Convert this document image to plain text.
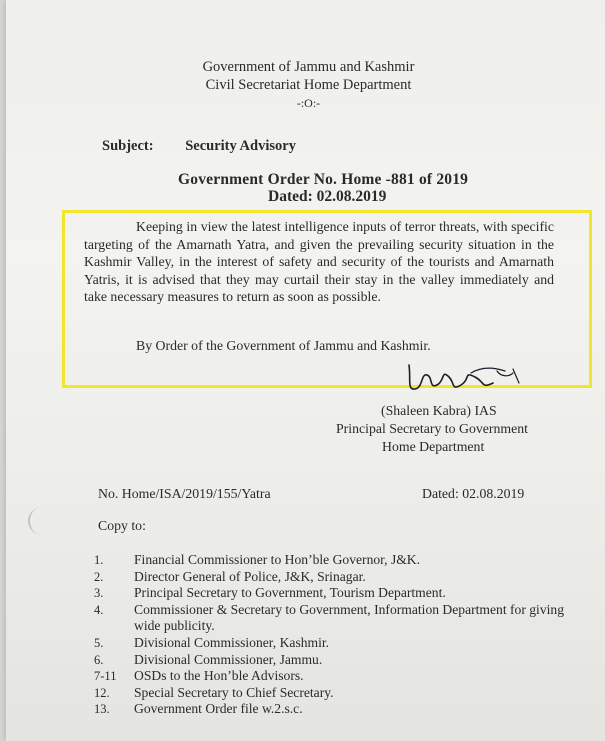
Government of Jammu and Kashmir
Civil Secretariat Home Department
-:O:-
Subject: Security Advisory
Government Order No. Home -881 of 2019
Dated: 02.08.2019
Keeping in view the latest intelligence inputs of terror threats, with specific targeting of the Amarnath Yatra, and given the prevailing security situation in the Kashmir Valley, in the interest of safety and security of the tourists and Amarnath Yatris, it is advised that they may curtail their stay in the valley immediately and take necessary measures to return as soon as possible.
By Order of the Government of Jammu and Kashmir.
(Shaleen Kabra) IAS
Principal Secretary to Government
Home Department
No. Home/ISA/2019/155/Yatra	Dated: 02.08.2019
Copy to:
1.	Financial Commissioner to Hon’ble Governor, J&K.
2.	Director General of Police, J&K, Srinagar.
3.	Principal Secretary to Government, Tourism Department.
4.	Commissioner & Secretary to Government, Information Department for giving wide publicity.
5.	Divisional Commissioner, Kashmir.
6.	Divisional Commissioner, Jammu.
7-11	OSDs to the Hon’ble Advisors.
12.	Special Secretary to Chief Secretary.
13.	Government Order file w.2.s.c.
